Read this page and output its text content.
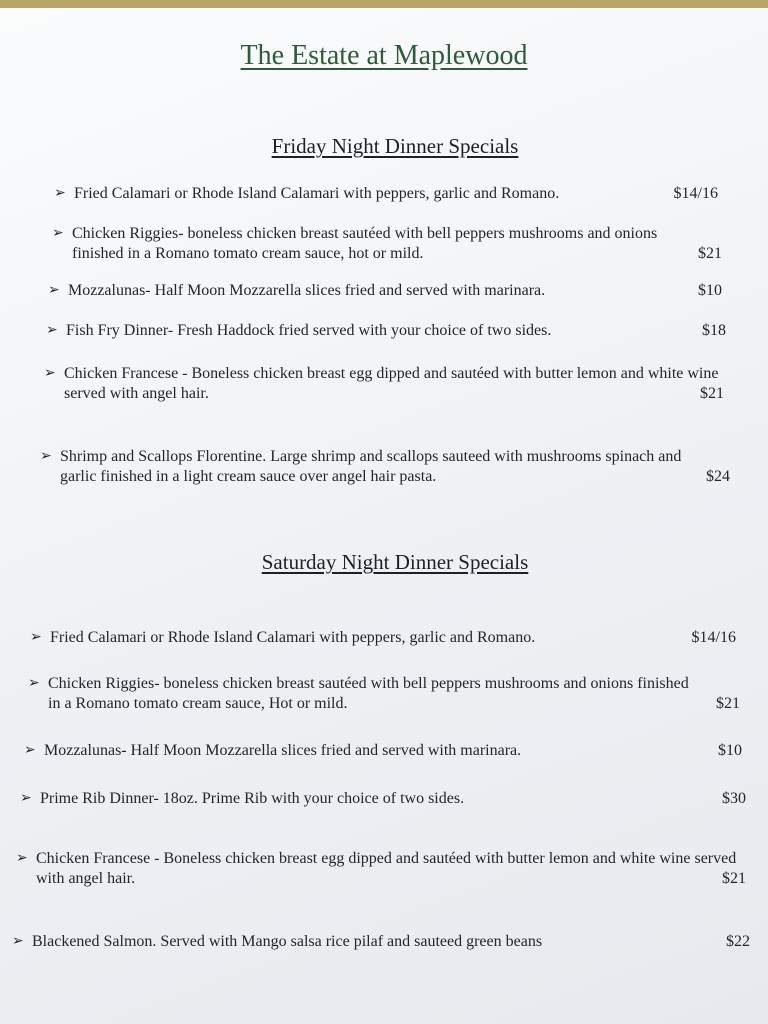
The Estate at Maplewood
Friday Night Dinner Specials
➢ Fried Calamari or Rhode Island Calamari with peppers, garlic and Romano.	$14/16
➢ Chicken Riggies- boneless chicken breast sautéed with bell peppers mushrooms and onions finished in a Romano tomato cream sauce, hot or mild.	$21
➢ Mozzalunas- Half Moon Mozzarella slices fried and served with marinara.	$10
➢ Fish Fry Dinner- Fresh Haddock fried served with your choice of two sides.	$18
➢ Chicken Francese - Boneless chicken breast egg dipped and sautéed with butter lemon and white wine served with angel hair.	$21
➢ Shrimp and Scallops Florentine. Large shrimp and scallops sauteed with mushrooms spinach and garlic finished in a light cream sauce over angel hair pasta.	$24
Saturday Night Dinner Specials
➢ Fried Calamari or Rhode Island Calamari with peppers, garlic and Romano.	$14/16
➢ Chicken Riggies- boneless chicken breast sautéed with bell peppers mushrooms and onions finished in a Romano tomato cream sauce, Hot or mild.	$21
➢ Mozzalunas- Half Moon Mozzarella slices fried and served with marinara.	$10
➢ Prime Rib Dinner- 18oz. Prime Rib with your choice of two sides.	$30
➢ Chicken Francese - Boneless chicken breast egg dipped and sautéed with butter lemon and white wine served with angel hair.	$21
➢ Blackened Salmon. Served with Mango salsa rice pilaf and sauteed green beans	$22
